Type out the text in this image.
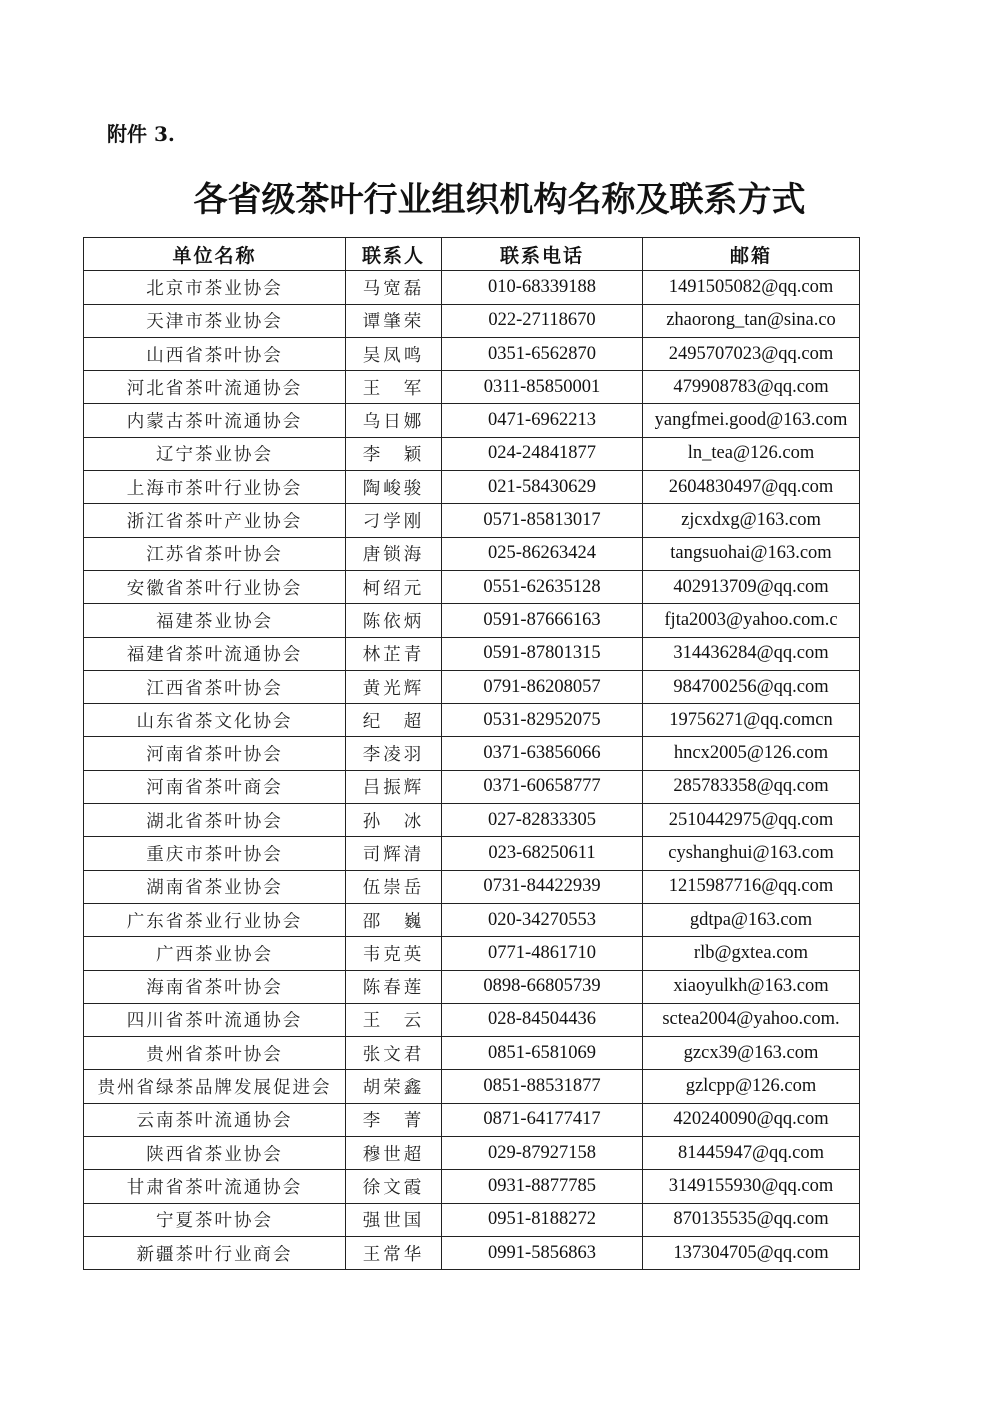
附件 3.
各省级茶叶行业组织机构名称及联系方式
单位名称	联系人	联系电话	邮箱
北京市茶业协会	马宽磊	010-68339188	1491505082@qq.com
天津市茶业协会	谭肇荣	022-27118670	zhaorong_tan@sina.co
山西省茶叶协会	吴凤鸣	0351-6562870	2495707023@qq.com
河北省茶叶流通协会	王　军	0311-85850001	479908783@qq.com
内蒙古茶叶流通协会	乌日娜	0471-6962213	yangfmei.good@163.com
辽宁茶业协会	李　颖	024-24841877	ln_tea@126.com
上海市茶叶行业协会	陶峻骏	021-58430629	2604830497@qq.com
浙江省茶叶产业协会	刁学刚	0571-85813017	zjcxdxg@163.com
江苏省茶叶协会	唐锁海	025-86263424	tangsuohai@163.com
安徽省茶叶行业协会	柯绍元	0551-62635128	402913709@qq.com
福建茶业协会	陈依炳	0591-87666163	fjta2003@yahoo.com.c
福建省茶叶流通协会	林芷青	0591-87801315	314436284@qq.com
江西省茶叶协会	黄光辉	0791-86208057	984700256@qq.com
山东省茶文化协会	纪　超	0531-82952075	19756271@qq.comcn
河南省茶叶协会	李凌羽	0371-63856066	hncx2005@126.com
河南省茶叶商会	吕振辉	0371-60658777	285783358@qq.com
湖北省茶叶协会	孙　冰	027-82833305	2510442975@qq.com
重庆市茶叶协会	司辉清	023-68250611	cyshanghui@163.com
湖南省茶业协会	伍崇岳	0731-84422939	1215987716@qq.com
广东省茶业行业协会	邵　巍	020-34270553	gdtpa@163.com
广西茶业协会	韦克英	0771-4861710	rlb@gxtea.com
海南省茶叶协会	陈春莲	0898-66805739	xiaoyulkh@163.com
四川省茶叶流通协会	王　云	028-84504436	sctea2004@yahoo.com.
贵州省茶叶协会	张文君	0851-6581069	gzcx39@163.com
贵州省绿茶品牌发展促进会	胡荣鑫	0851-88531877	gzlcpp@126.com
云南茶叶流通协会	李　菁	0871-64177417	420240090@qq.com
陕西省茶业协会	穆世超	029-87927158	81445947@qq.com
甘肃省茶叶流通协会	徐文霞	0931-8877785	3149155930@qq.com
宁夏茶叶协会	强世国	0951-8188272	870135535@qq.com
新疆茶叶行业商会	王常华	0991-5856863	137304705@qq.com
